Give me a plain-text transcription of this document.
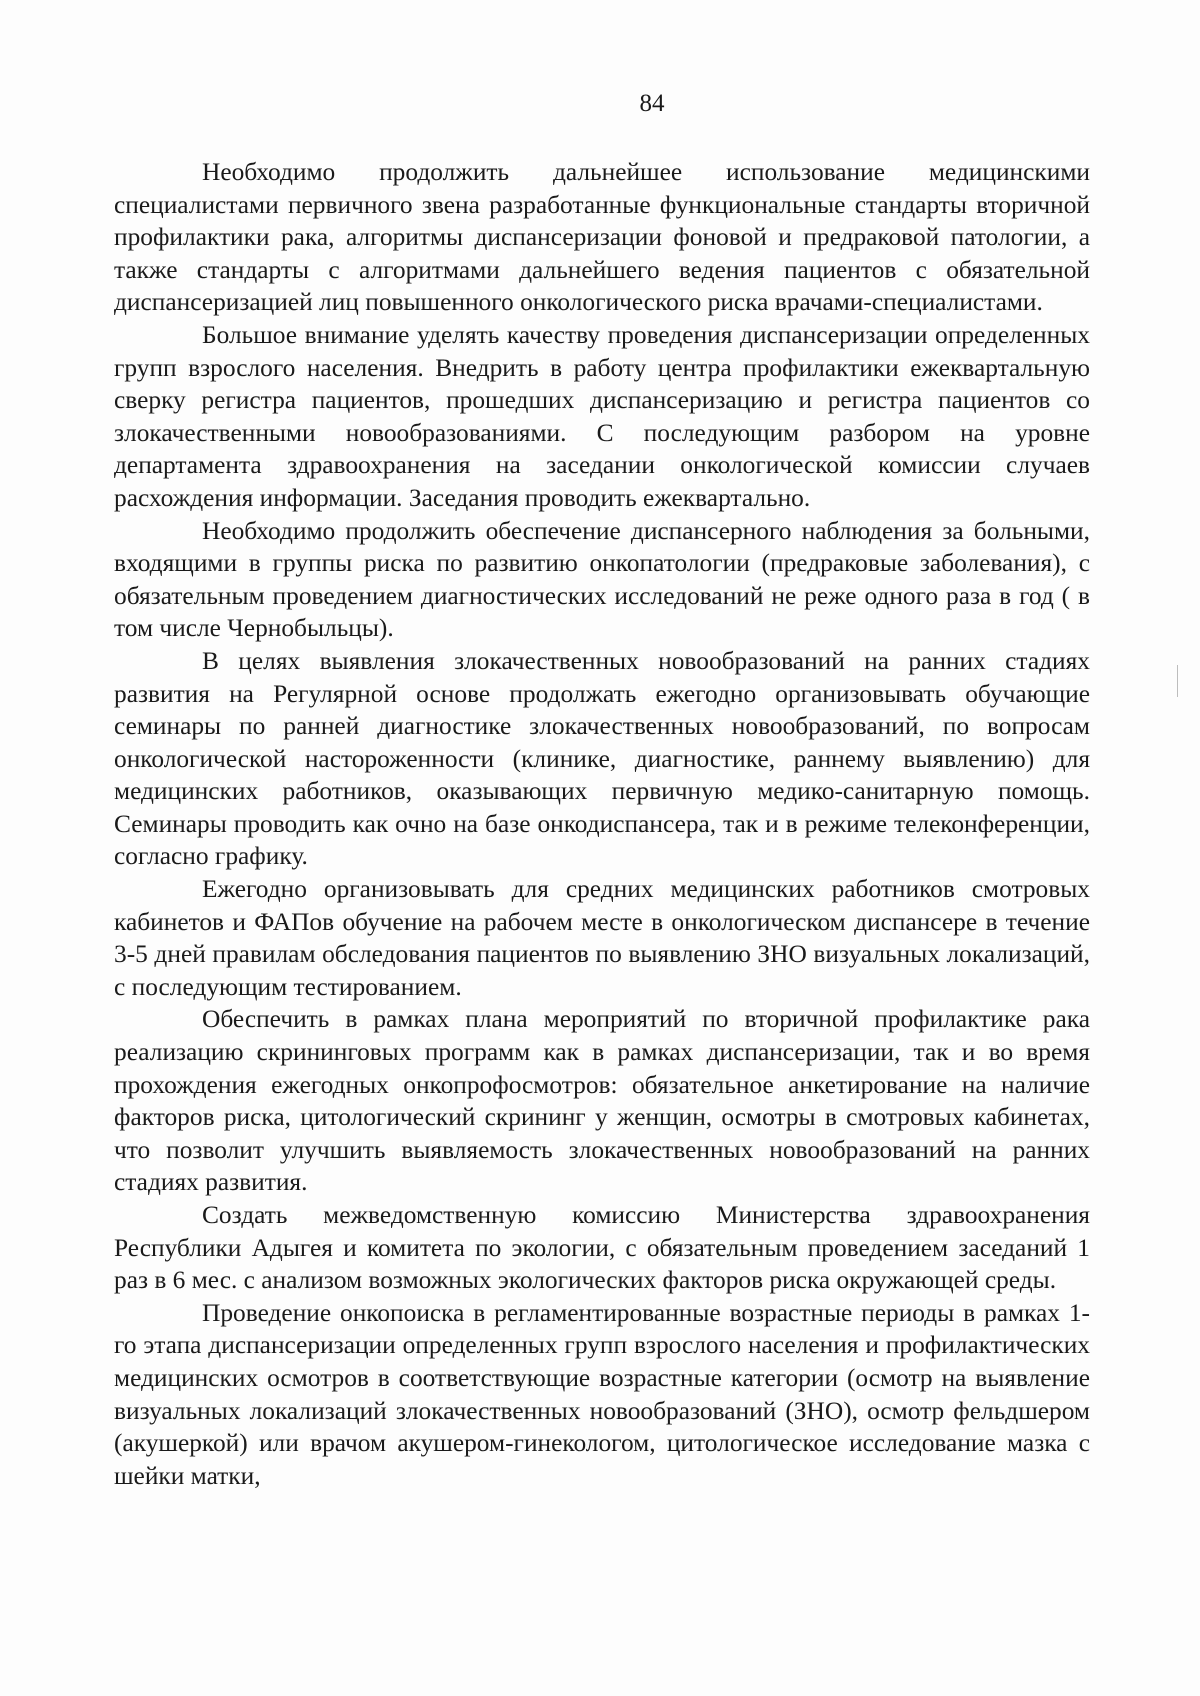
84

Необходимо продолжить дальнейшее использование медицинскими специалистами первичного звена разработанные функциональные стандарты вторичной профилактики рака, алгоритмы диспансеризации фоновой и предраковой патологии, а также стандарты с алгоритмами дальнейшего ведения пациентов с обязательной диспансеризацией лиц повышенного онкологического риска врачами-специалистами.

Большое внимание уделять качеству проведения диспансеризации определенных групп взрослого населения. Внедрить в работу центра профилактики ежеквартальную сверку регистра пациентов, прошедших диспансеризацию и регистра пациентов со злокачественными новообразованиями. С последующим разбором на уровне департамента здравоохранения на заседании онкологической комиссии случаев расхождения информации. Заседания проводить ежеквартально.

Необходимо продолжить обеспечение диспансерного наблюдения за больными, входящими в группы риска по развитию онкопатологии (предраковые заболевания), с обязательным проведением диагностических исследований не реже одного раза в год ( в том числе Чернобыльцы).

В целях выявления злокачественных новообразований на ранних стадиях развития на Регулярной основе продолжать ежегодно организовывать обучающие семинары по ранней диагностике злокачественных новообразований, по вопросам онкологической настороженности (клинике, диагностике, раннему выявлению) для медицинских работников, оказывающих первичную медико-санитарную помощь. Семинары проводить как очно на базе онкодиспансера, так и в режиме телеконференции, согласно графику.

Ежегодно организовывать для средних медицинских работников смотровых кабинетов и ФАПов обучение на рабочем месте в онкологическом диспансере в течение 3-5 дней правилам обследования пациентов по выявлению ЗНО визуальных локализаций, с последующим тестированием.

Обеспечить в рамках плана мероприятий по вторичной профилактике рака реализацию скрининговых программ как в рамках диспансеризации, так и во время прохождения ежегодных онкопрофосмотров: обязательное анкетирование на наличие факторов риска, цитологический скрининг у женщин, осмотры в смотровых кабинетах, что позволит улучшить выявляемость злокачественных новообразований на ранних стадиях развития.

Создать межведомственную комиссию Министерства здравоохранения Республики Адыгея и комитета по экологии, с обязательным проведением заседаний 1 раз в 6 мес. с анализом возможных экологических факторов риска окружающей среды.

Проведение онкопоиска в регламентированные возрастные периоды в рамках 1-го этапа диспансеризации определенных групп взрослого населения и профилактических медицинских осмотров в соответствующие возрастные категории (осмотр на выявление визуальных локализаций злокачественных новообразований (ЗНО), осмотр фельдшером (акушеркой) или врачом акушером-гинекологом, цитологическое исследование мазка с шейки матки,
